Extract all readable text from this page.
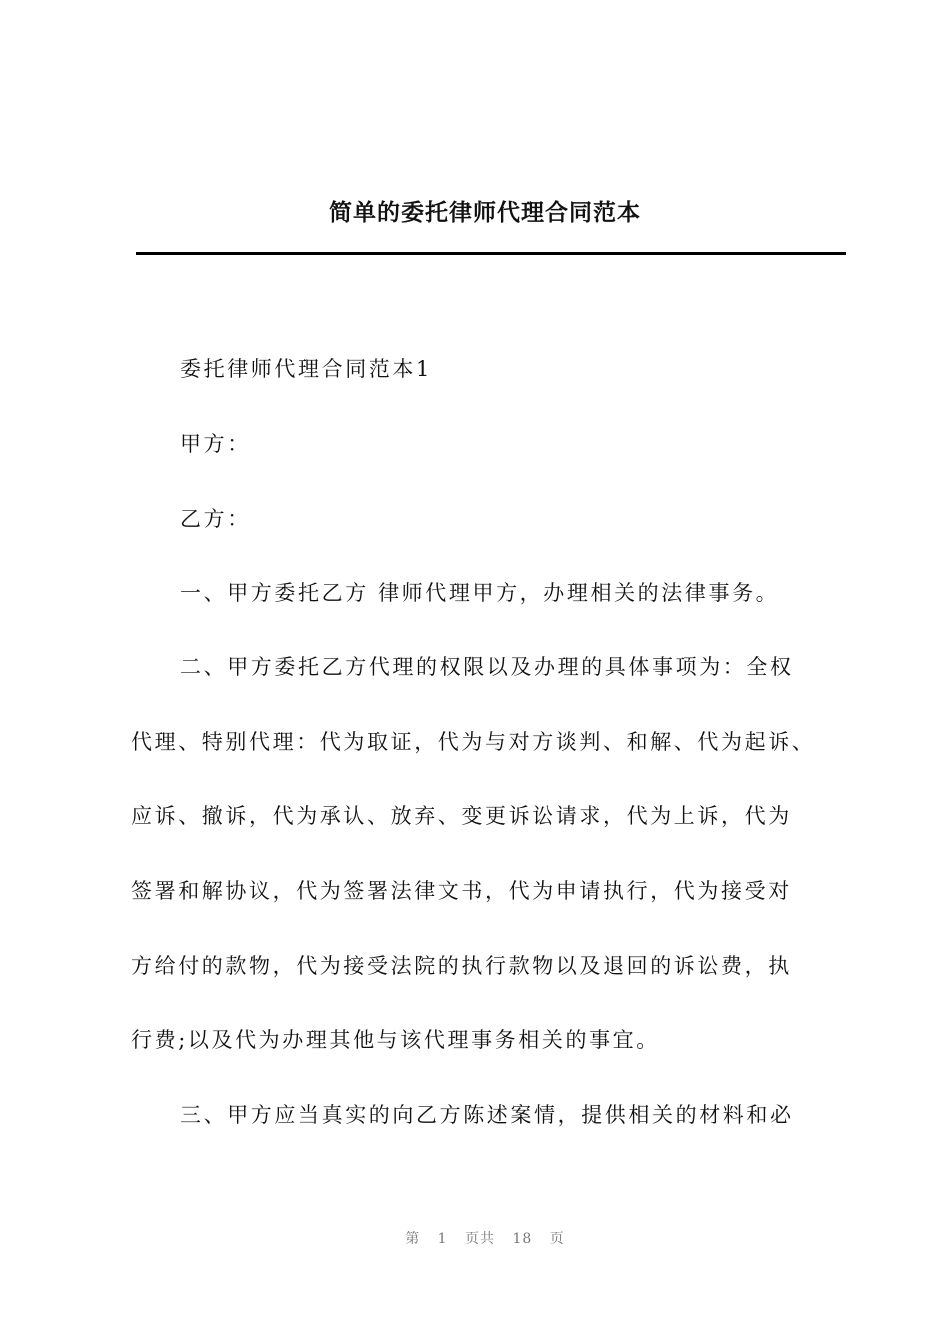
简单的委托律师代理合同范本
委托律师代理合同范本1
甲方：
乙方：
一、甲方委托乙方 律师代理甲方，办理相关的法律事务。
二、甲方委托乙方代理的权限以及办理的具体事项为：全权
代理、特别代理：代为取证，代为与对方谈判、和解、代为起诉、
应诉、撤诉，代为承认、放弃、变更诉讼请求，代为上诉，代为
签署和解协议，代为签署法律文书，代为申请执行，代为接受对
方给付的款物，代为接受法院的执行款物以及退回的诉讼费，执
行费;以及代为办理其他与该代理事务相关的事宜。
三、甲方应当真实的向乙方陈述案情，提供相关的材料和必
第 1 页共 18 页
